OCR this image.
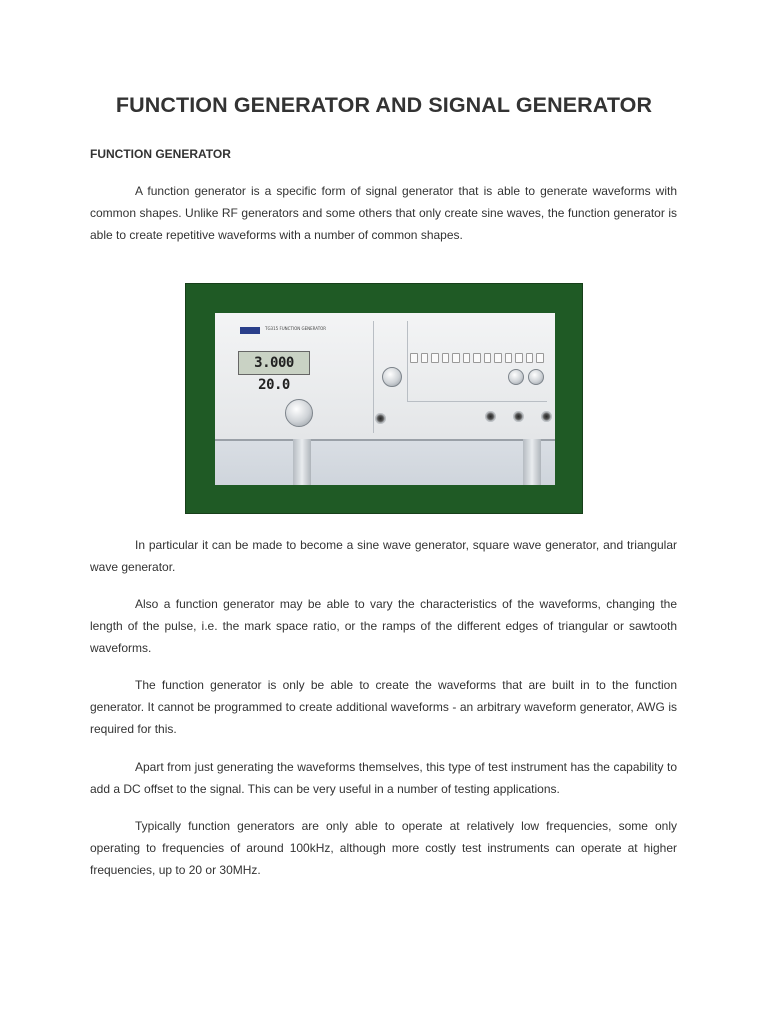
FUNCTION GENERATOR AND SIGNAL GENERATOR
FUNCTION GENERATOR

A function generator is a specific form of signal generator that is able to generate waveforms with common shapes. Unlike RF generators and some others that only create sine waves, the function generator is able to create repetitive waveforms with a number of common shapes.

TG315 FUNCTION GENERATOR
3.000 20.0

In particular it can be made to become a sine wave generator, square wave generator, and triangular wave generator.

Also a function generator may be able to vary the characteristics of the waveforms, changing the length of the pulse, i.e. the mark space ratio, or the ramps of the different edges of triangular or sawtooth waveforms.

The function generator is only be able to create the waveforms that are built in to the function generator. It cannot be programmed to create additional waveforms - an arbitrary waveform generator, AWG is required for this.

Apart from just generating the waveforms themselves, this type of test instrument has the capability to add a DC offset to the signal. This can be very useful in a number of testing applications.

Typically function generators are only able to operate at relatively low frequencies, some only operating to frequencies of around 100kHz, although more costly test instruments can operate at higher frequencies, up to 20 or 30MHz.
